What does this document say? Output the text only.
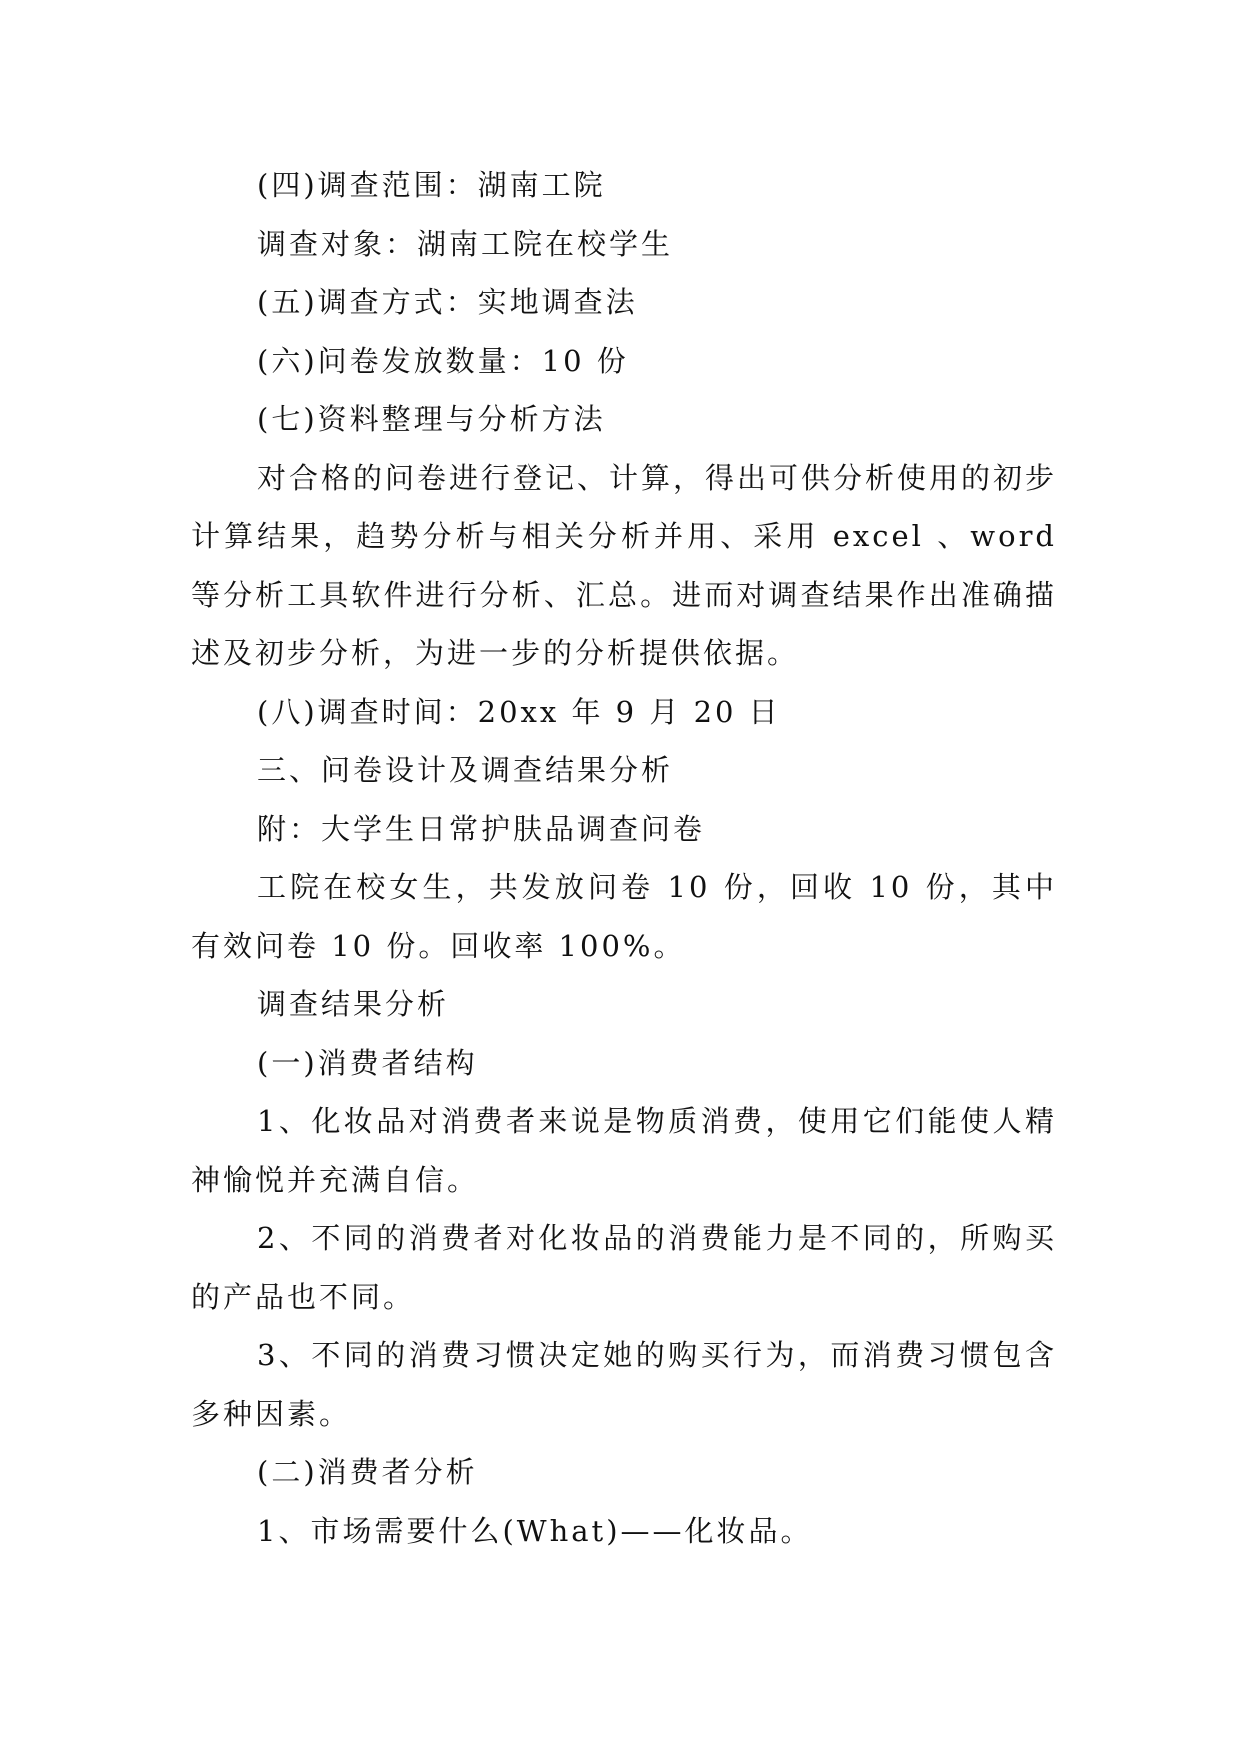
(四)调查范围：湖南工院

调查对象：湖南工院在校学生

(五)调查方式：实地调查法

(六)问卷发放数量：10 份

(七)资料整理与分析方法

对合格的问卷进行登记、计算，得出可供分析使用的初步计算结果，趋势分析与相关分析并用、采用 excel 、word 等分析工具软件进行分析、汇总。进而对调查结果作出准确描述及初步分析，为进一步的分析提供依据。

(八)调查时间：20xx 年 9 月 20 日

三、问卷设计及调查结果分析

附：大学生日常护肤品调查问卷

工院在校女生，共发放问卷 10 份，回收 10 份，其中有效问卷 10 份。回收率 100%。

调查结果分析

(一)消费者结构

1、化妆品对消费者来说是物质消费，使用它们能使人精神愉悦并充满自信。

2、不同的消费者对化妆品的消费能力是不同的，所购买的产品也不同。

3、不同的消费习惯决定她的购买行为，而消费习惯包含多种因素。

(二)消费者分析

1、市场需要什么(What)——化妆品。
